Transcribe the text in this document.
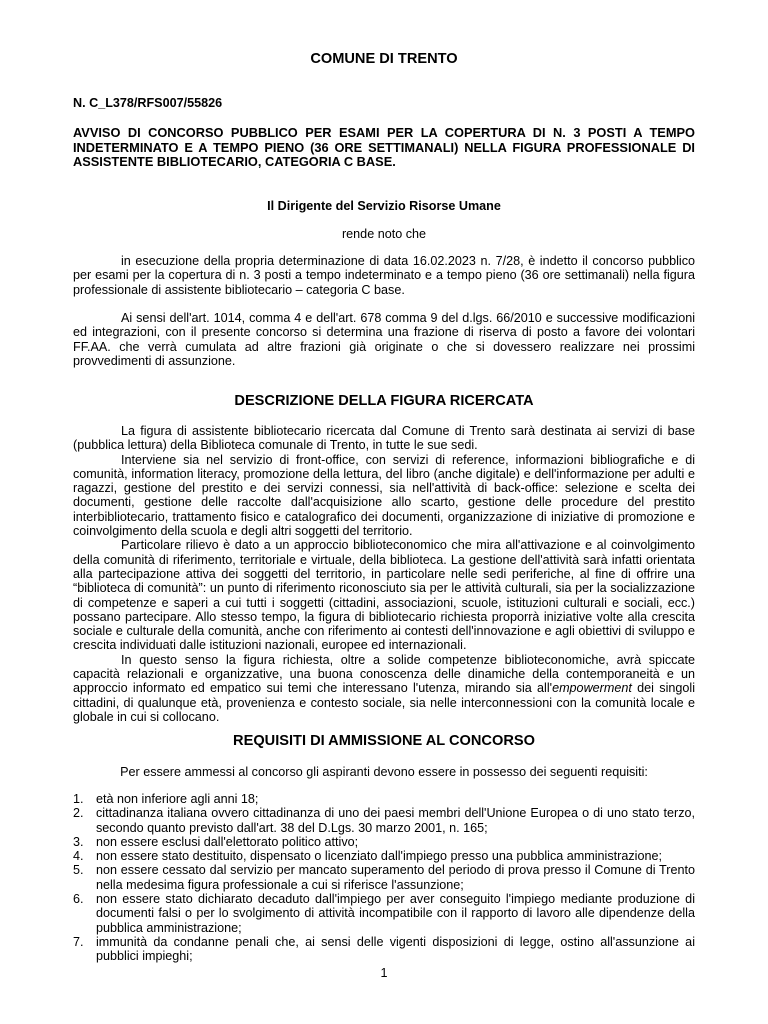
COMUNE DI TRENTO
N. C_L378/RFS007/55826
AVVISO DI CONCORSO PUBBLICO PER ESAMI PER LA COPERTURA DI N. 3 POSTI A TEMPO INDETERMINATO E A TEMPO PIENO (36 ORE SETTIMANALI) NELLA FIGURA PROFESSIONALE DI ASSISTENTE BIBLIOTECARIO, CATEGORIA C BASE.
Il Dirigente del Servizio Risorse Umane
rende noto che
in esecuzione della propria determinazione di data 16.02.2023 n. 7/28, è indetto il concorso pubblico per esami per la copertura di n. 3 posti a tempo indeterminato e a tempo pieno (36 ore settimanali) nella figura professionale di assistente bibliotecario – categoria C base.
Ai sensi dell'art. 1014, comma 4 e dell'art. 678 comma 9 del d.lgs. 66/2010 e successive modificazioni ed integrazioni, con il presente concorso si determina una frazione di riserva di posto a favore dei volontari FF.AA. che verrà cumulata ad altre frazioni già originate o che si dovessero realizzare nei prossimi provvedimenti di assunzione.
DESCRIZIONE DELLA FIGURA RICERCATA

La figura di assistente bibliotecario ricercata dal Comune di Trento sarà destinata ai servizi di base (pubblica lettura) della Biblioteca comunale di Trento, in tutte le sue sedi.

Interviene sia nel servizio di front-office, con servizi di reference, informazioni bibliografiche e di comunità, information literacy, promozione della lettura, del libro (anche digitale) e dell'informazione per adulti e ragazzi, gestione del prestito e dei servizi connessi, sia nell'attività di back-office: selezione e scelta dei documenti, gestione delle raccolte dall'acquisizione allo scarto, gestione delle procedure del prestito interbibliotecario, trattamento fisico e catalografico dei documenti, organizzazione di iniziative di promozione e coinvolgimento della scuola e degli altri soggetti del territorio.

Particolare rilievo è dato a un approccio biblioteconomico che mira all'attivazione e al coinvolgimento della comunità di riferimento, territoriale e virtuale, della biblioteca. La gestione dell'attività sarà infatti orientata alla partecipazione attiva dei soggetti del territorio, in particolare nelle sedi periferiche, al fine di offrire una “biblioteca di comunità”: un punto di riferimento riconosciuto sia per le attività culturali, sia per la socializzazione di competenze e saperi a cui tutti i soggetti (cittadini, associazioni, scuole, istituzioni culturali e sociali, ecc.) possano partecipare. Allo stesso tempo, la figura di bibliotecario richiesta proporrà iniziative volte alla crescita sociale e culturale della comunità, anche con riferimento ai contesti dell'innovazione e agli obiettivi di sviluppo e crescita individuati dalle istituzioni nazionali, europee ed internazionali.

In questo senso la figura richiesta, oltre a solide competenze biblioteconomiche, avrà spiccate capacità relazionali e organizzative, una buona conoscenza delle dinamiche della contemporaneità e un approccio informato ed empatico sui temi che interessano l'utenza, mirando sia all'empowerment dei singoli cittadini, di qualunque età, provenienza e contesto sociale, sia nelle interconnessioni con la comunità locale e globale in cui si collocano.

REQUISITI DI AMMISSIONE AL CONCORSO
Per essere ammessi al concorso gli aspiranti devono essere in possesso dei seguenti requisiti:
1. età non inferiore agli anni 18;
2. cittadinanza italiana ovvero cittadinanza di uno dei paesi membri dell'Unione Europea o di uno stato terzo, secondo quanto previsto dall'art. 38 del D.Lgs. 30 marzo 2001, n. 165;
3. non essere esclusi dall'elettorato politico attivo;
4. non essere stato destituito, dispensato o licenziato dall'impiego presso una pubblica amministrazione;
5. non essere cessato dal servizio per mancato superamento del periodo di prova presso il Comune di Trento nella medesima figura professionale a cui si riferisce l'assunzione;
6. non essere stato dichiarato decaduto dall'impiego per aver conseguito l'impiego mediante produzione di documenti falsi o per lo svolgimento di attività incompatibile con il rapporto di lavoro alle dipendenze della pubblica amministrazione;
7. immunità da condanne penali che, ai sensi delle vigenti disposizioni di legge, ostino all'assunzione ai pubblici impieghi;
1
